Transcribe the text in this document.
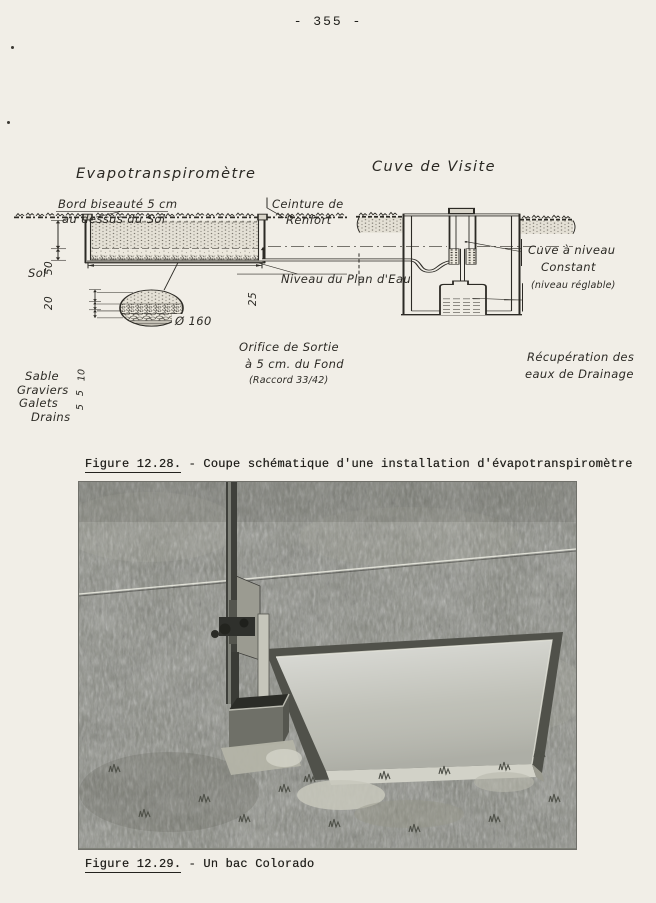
- 355 -
Evapotranspiromètre	Cuve de Visite
Bord biseauté 5 cm
au dessus du Sol
Ceinture de
Renfort
Sol
50
20	25
Ø 160
Niveau du Plan d'Eau
Orifice de Sortie
à 5 cm. du Fond
(Raccord 33/42)
Cuve à niveau
Constant
(niveau réglable)
Récupération des
eaux de Drainage
Sable
Graviers
Galets
Drains
10
5
5
Figure 12.28. - Coupe schématique d'une installation d'évapotranspiromètre
Figure 12.29. - Un bac Colorado
